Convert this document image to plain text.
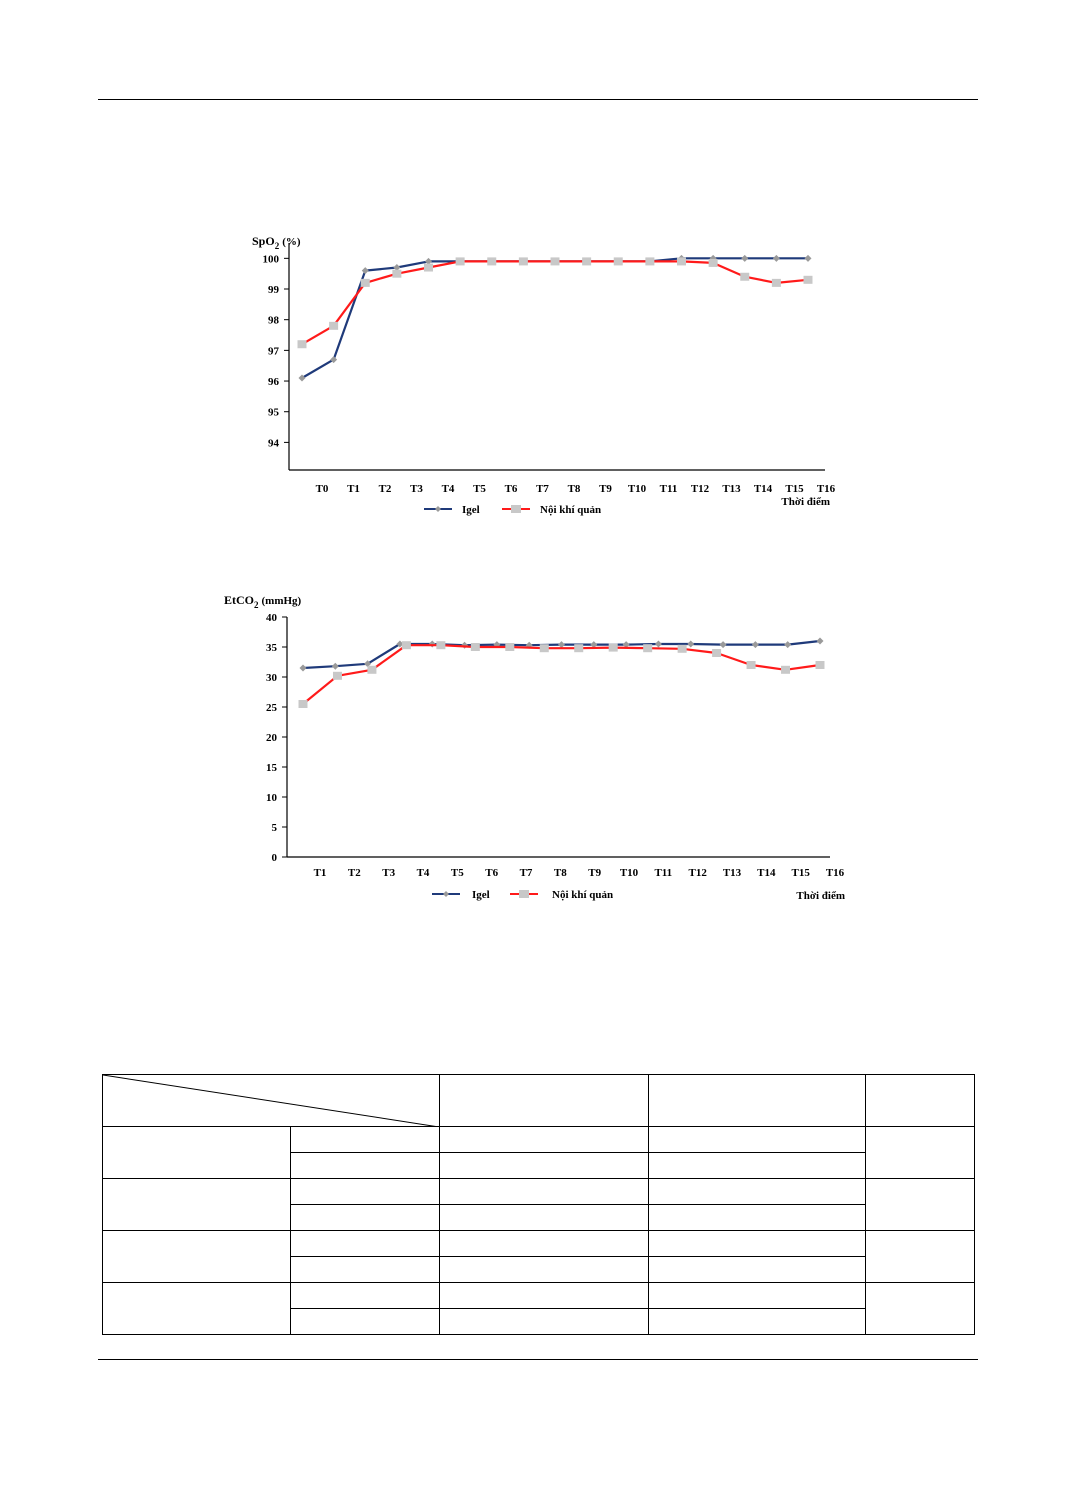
94
95
96
97
98
99
100
T0 T1 T2 T3 T4 T5 T6 T7 T8 T9 T10 T11 T12 T13 T14 T15 T16
SpO$_2$ (%)
Thời điểm
Igel	Nội khí quản
0
5
10
15
20
25
30
35
40
T1 T2 T3 T4 T5 T6 T7 T8 T9 T10 T11 T12 T13 T14 T15 T16
EtCO$_2$ (mmHg)
Thời điểm
Igel	Nội khí quản
